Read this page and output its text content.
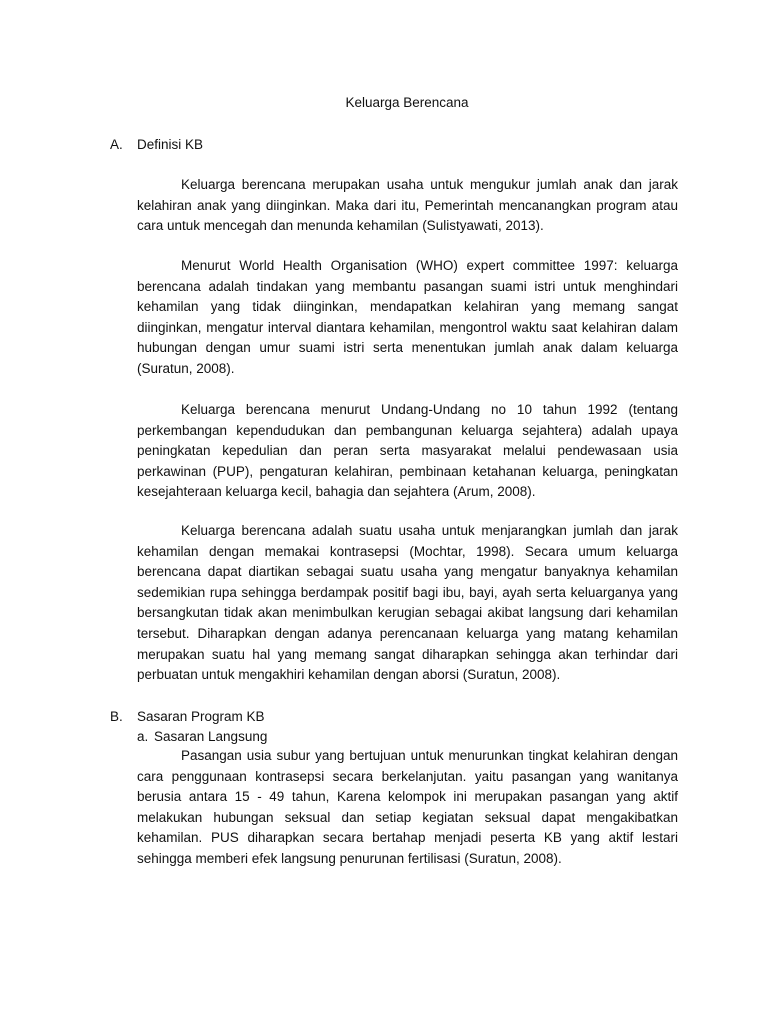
Keluarga Berencana
A. Definisi KB

Keluarga berencana merupakan usaha untuk mengukur jumlah anak dan jarak kelahiran anak yang diinginkan. Maka dari itu, Pemerintah mencanangkan program atau cara untuk mencegah dan menunda kehamilan (Sulistyawati, 2013).

Menurut World Health Organisation (WHO) expert committee 1997: keluarga berencana adalah tindakan yang membantu pasangan suami istri untuk menghindari kehamilan yang tidak diinginkan, mendapatkan kelahiran yang memang sangat diinginkan, mengatur interval diantara kehamilan, mengontrol waktu saat kelahiran dalam hubungan dengan umur suami istri serta menentukan jumlah anak dalam keluarga (Suratun, 2008).

Keluarga berencana menurut Undang-Undang no 10 tahun 1992 (tentang perkembangan kependudukan dan pembangunan keluarga sejahtera) adalah upaya peningkatan kepedulian dan peran serta masyarakat melalui pendewasaan usia perkawinan (PUP), pengaturan kelahiran, pembinaan ketahanan keluarga, peningkatan kesejahteraan keluarga kecil, bahagia dan sejahtera (Arum, 2008).

Keluarga berencana adalah suatu usaha untuk menjarangkan jumlah dan jarak kehamilan dengan memakai kontrasepsi (Mochtar, 1998). Secara umum keluarga berencana dapat diartikan sebagai suatu usaha yang mengatur banyaknya kehamilan sedemikian rupa sehingga berdampak positif bagi ibu, bayi, ayah serta keluarganya yang bersangkutan tidak akan menimbulkan kerugian sebagai akibat langsung dari kehamilan tersebut. Diharapkan dengan adanya perencanaan keluarga yang matang kehamilan merupakan suatu hal yang memang sangat diharapkan sehingga akan terhindar dari perbuatan untuk mengakhiri kehamilan dengan aborsi (Suratun, 2008).

B. Sasaran Program KB
a. Sasaran Langsung

Pasangan usia subur yang bertujuan untuk menurunkan tingkat kelahiran dengan cara penggunaan kontrasepsi secara berkelanjutan. yaitu pasangan yang wanitanya berusia antara 15 - 49 tahun, Karena kelompok ini merupakan pasangan yang aktif melakukan hubungan seksual dan setiap kegiatan seksual dapat mengakibatkan kehamilan. PUS diharapkan secara bertahap menjadi peserta KB yang aktif lestari sehingga memberi efek langsung penurunan fertilisasi (Suratun, 2008).
